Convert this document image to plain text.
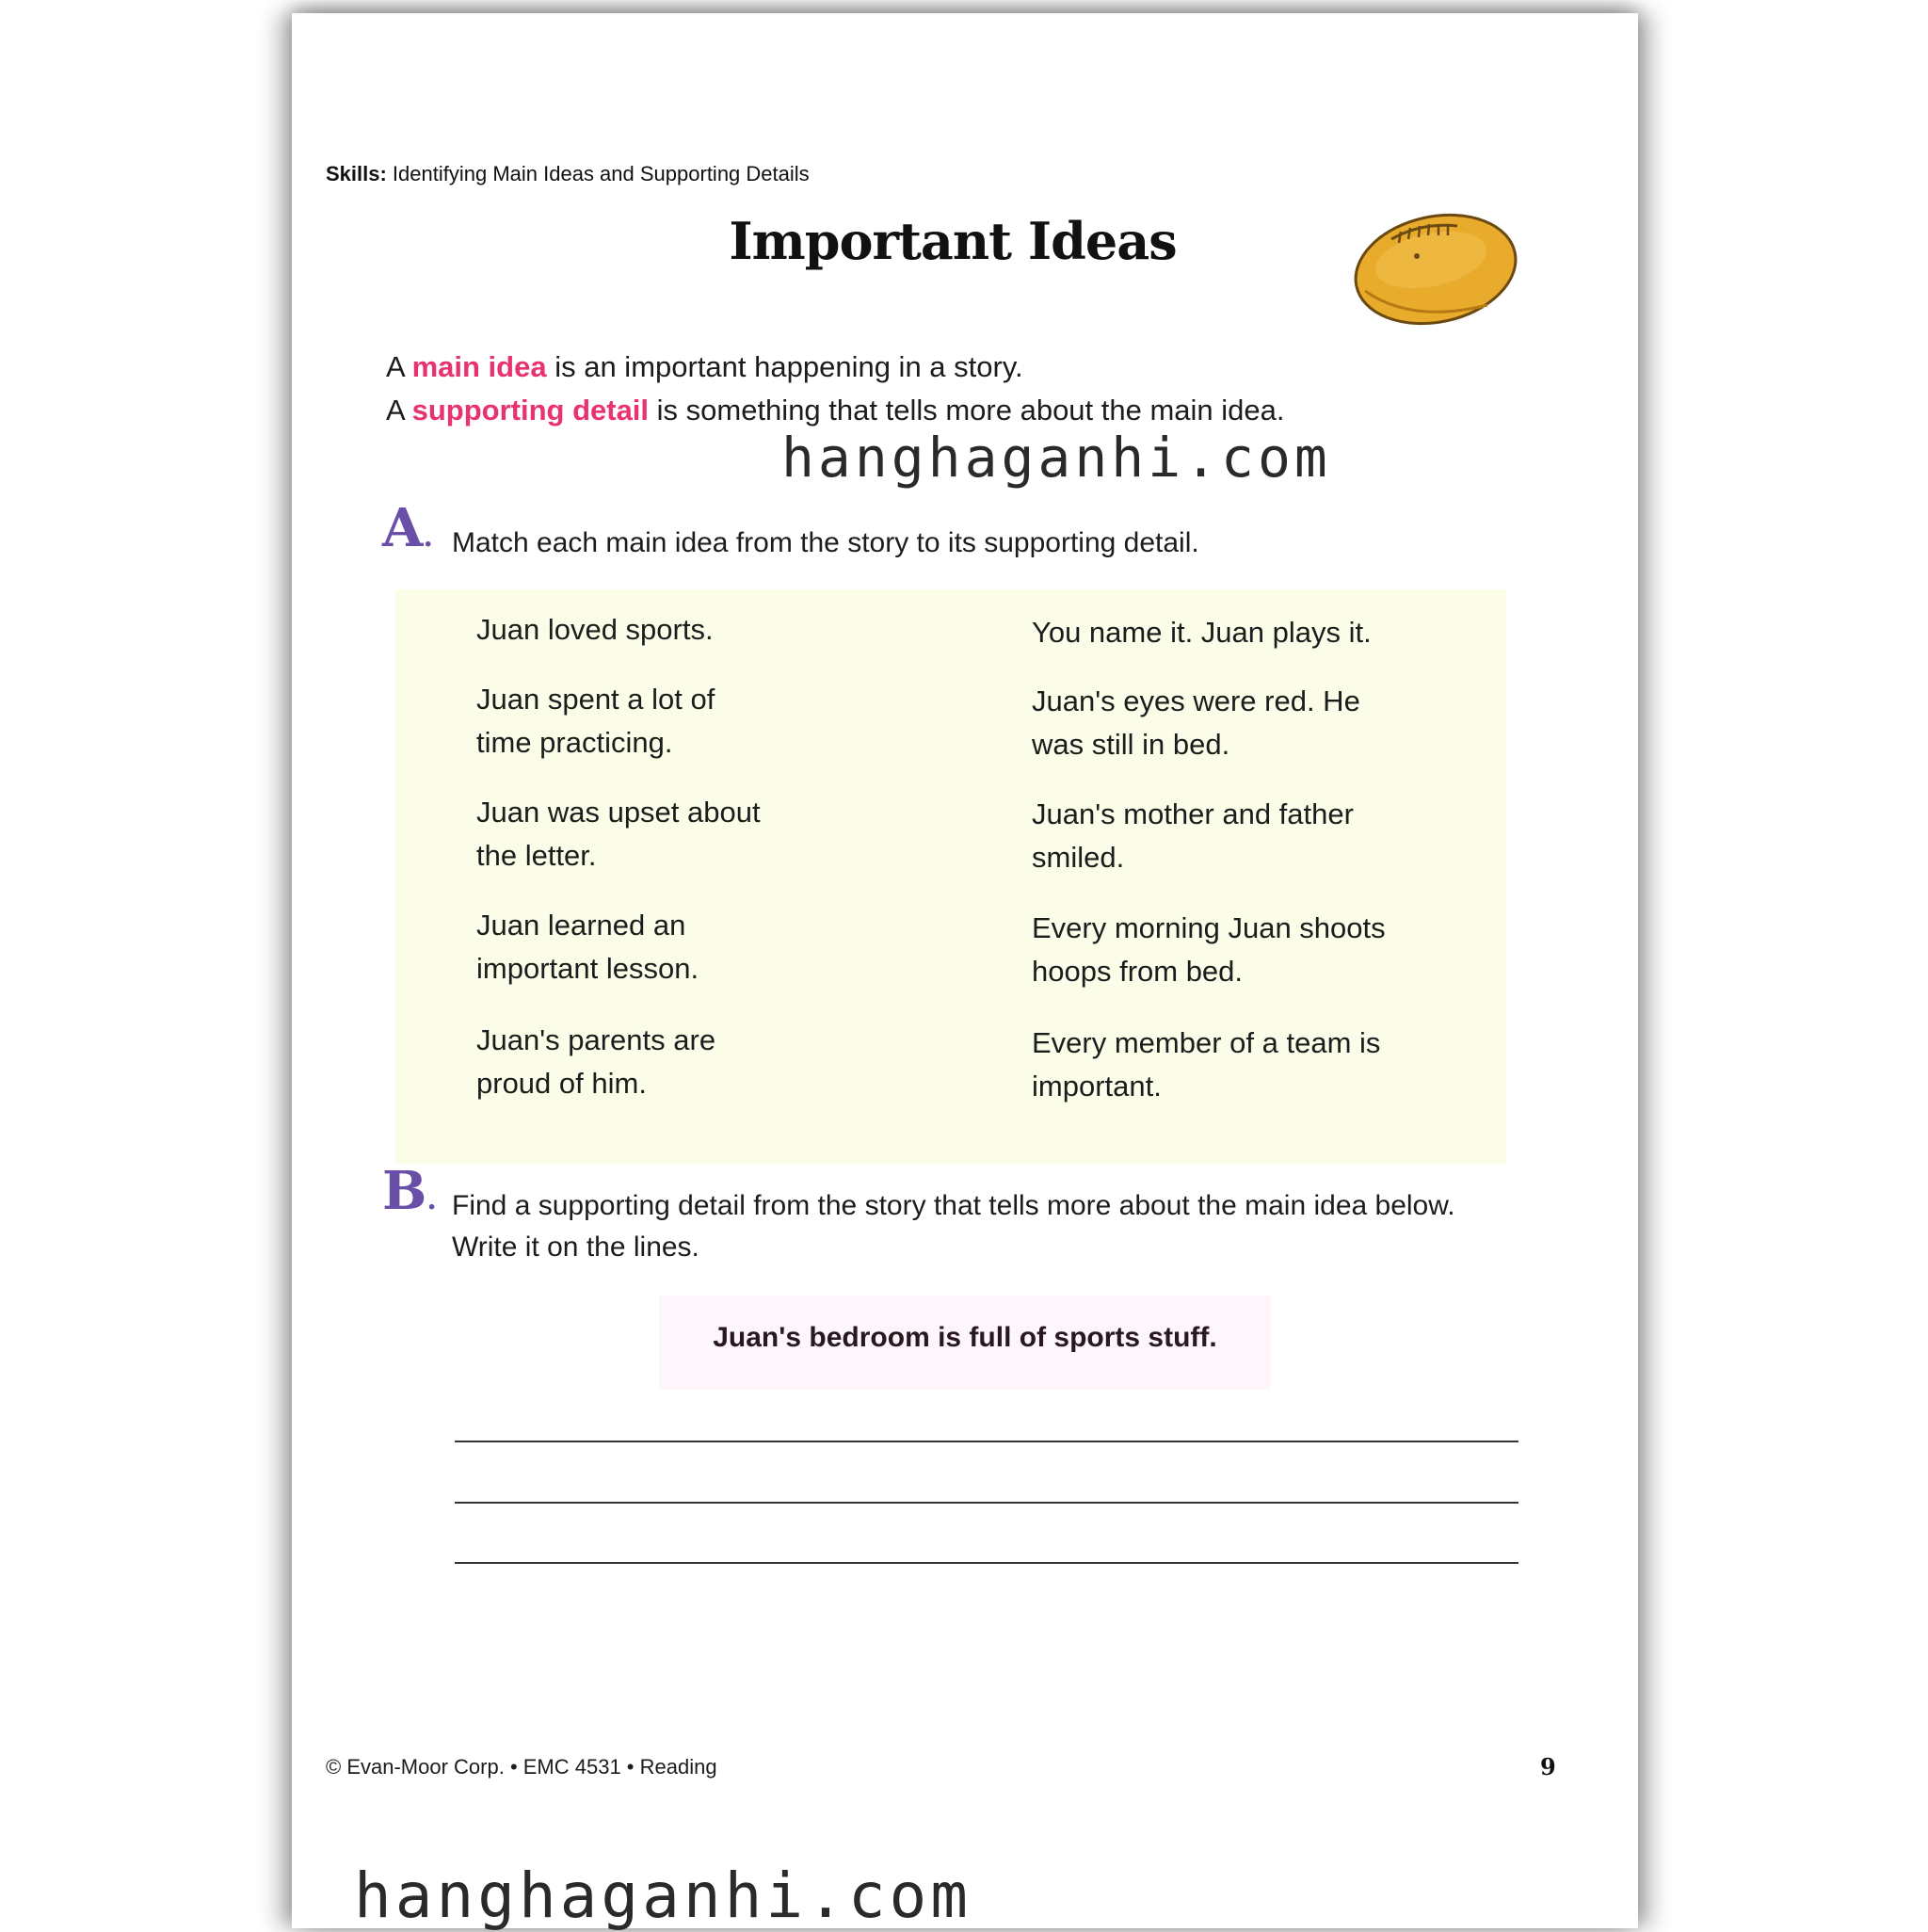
Skills: Identifying Main Ideas and Supporting Details
Important Ideas
A main idea is an important happening in a story.
A supporting detail is something that tells more about the main idea.
hanghaganhi.com
A. Match each main idea from the story to its supporting detail.
Juan loved sports.
Juan spent a lot of
time practicing.
Juan was upset about
the letter.
Juan learned an
important lesson.
Juan's parents are
proud of him.
You name it. Juan plays it.
Juan's eyes were red. He
was still in bed.
Juan's mother and father
smiled.
Every morning Juan shoots
hoops from bed.
Every member of a team is
important.
B. Find a supporting detail from the story that tells more about the main idea below. Write it on the lines.
Juan's bedroom is full of sports stuff.
© Evan-Moor Corp. • EMC 4531 • Reading	9
hanghaganhi.com
